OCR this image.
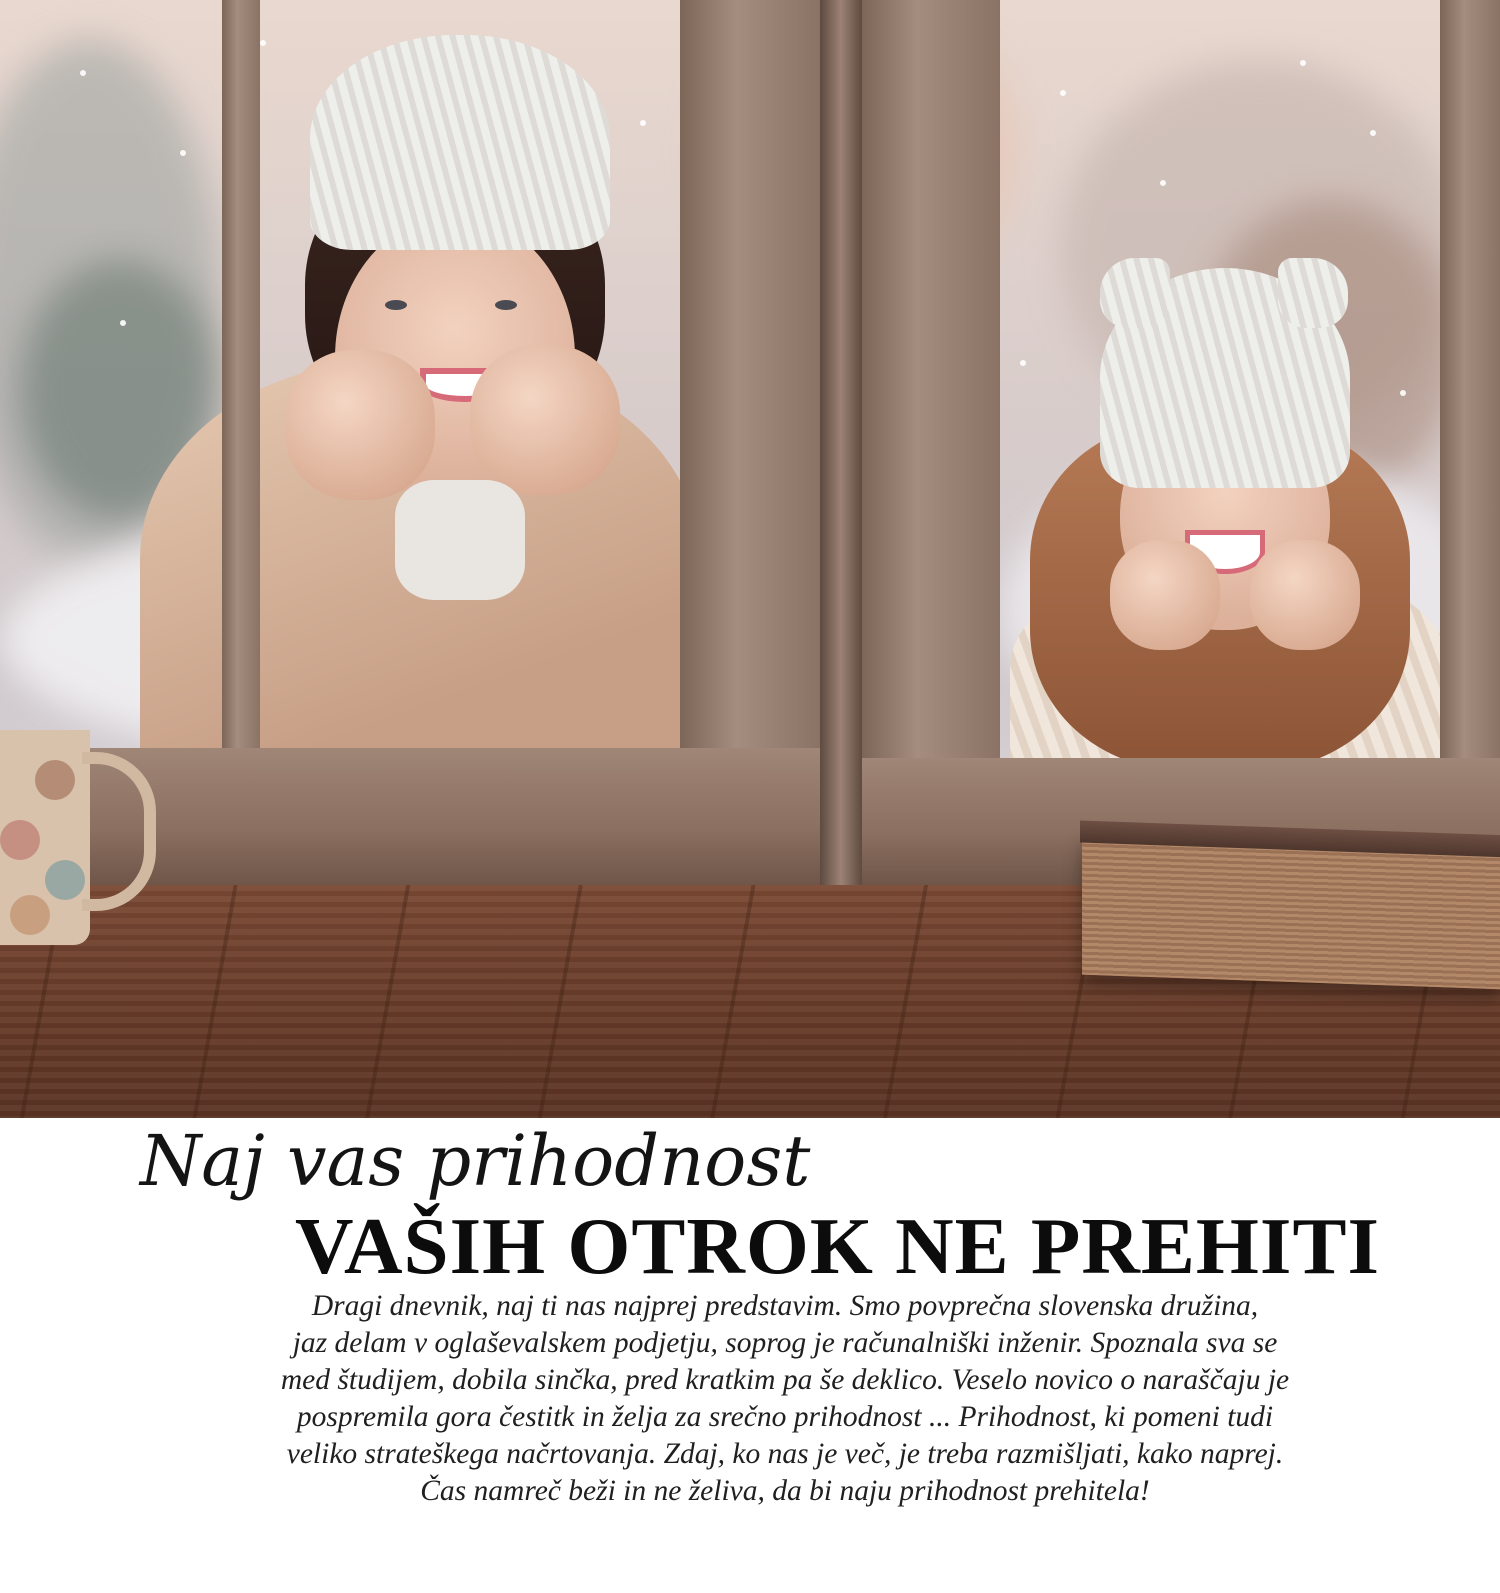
Naj vas prihodnost
VAŠIH OTROK NE PREHITI

Dragi dnevnik, naj ti nas najprej predstavim. Smo povprečna slovenska družina,
jaz delam v oglaševalskem podjetju, soprog je računalniški inženir. Spoznala sva se
med študijem, dobila sinčka, pred kratkim pa še deklico. Veselo novico o naraščaju je
pospremila gora čestitk in želja za srečno prihodnost ... Prihodnost, ki pomeni tudi
veliko strateškega načrtovanja. Zdaj, ko nas je več, je treba razmišljati, kako naprej.
Čas namreč beži in ne želiva, da bi naju prihodnost prehitela!
